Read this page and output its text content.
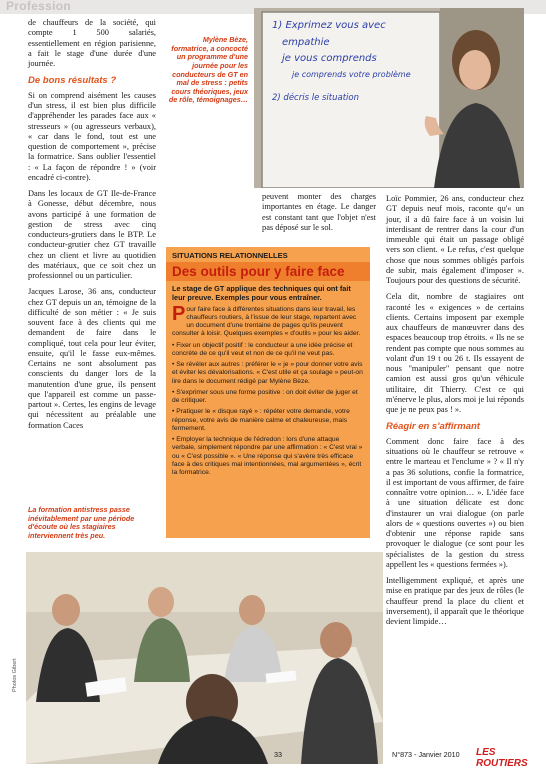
Profession

de chauffeurs de la société, qui compte 1 500 salariés, essentiellement en région parisienne, a fait le stage d'une durée d'une journée.

De bons résultats ?

Si on comprend aisément les causes d'un stress, il est bien plus difficile d'appréhender les parades face aux « stresseurs » (ou agresseurs verbaux), « car dans le fond, tout est une question de comportement », précise la formatrice. Sans oublier l'essentiel : « La façon de répondre ! » (voir encadré ci-contre).

Dans les locaux de GT Ile-de-France à Gonesse, début décembre, nous avons participé à une formation de gestion de stress avec cinq conducteurs-grutiers dans le BTP. Le conducteur-grutier chez GT travaille chez un client et livre au quotidien des matériaux, que ce soit chez un professionnel ou un particulier.

Jacques Larose, 36 ans, conducteur chez GT depuis un an, témoigne de la difficulté de son métier : « Je suis souvent face à des clients qui me demandent de faire dans le compliqué, tout cela pour leur éviter, ensuite, qu'il le fasse eux-mêmes. Certains ne sont absolument pas conscients du danger lors de la manutention d'une grue, ils pensent que l'appareil est comme un passe-partout ». Certes, les engins de levage qui nécessitent au préalable une formation Caces

La formation antistress passe inévitablement par une période d'écoute où les stagiaires interviennent très peu.
Mylène Bèze, formatrice, a concocté un programme d'une journée pour les conducteurs de GT en mal de stress : petits cours théoriques, jeux de rôle, témoignages…
1) Exprimez vous avec
empathie
je vous comprends
je comprends votre problème
2) décris le situation

peuvent monter des charges importantes en étage. Le danger est constant tant que l'objet n'est pas déposé sur le sol.

SITUATIONS RELATIONNELLES
Des outils pour y faire face
Le stage de GT applique des techniques qui ont fait leur preuve. Exemples pour vous entraîner.

Pour faire face à différentes situations dans leur travail, les chauffeurs routiers, à l'issue de leur stage, repartent avec un document d'une trentaine de pages qu'ils peuvent consulter à loisir. Quelques exemples « d'outils » pour les aider.

• Fixer un objectif positif : le conducteur a une idée précise et concrète de ce qu'il veut et non de ce qu'il ne veut pas.

• Se révéler aux autres : préférer le « je » pour donner votre avis et éviter les dévalorisations. « C'est utile et ça soulage » peut-on lire dans le document rédigé par Mylène Bèze.

• S'exprimer sous une forme positive : on doit éviter de juger et de critiquer.

• Pratiquer le « disque rayé » : répéter votre demande, votre réponse, votre avis de manière calme et chaleureuse, mais fermement.

• Employer la technique de l'édredon : lors d'une attaque verbale, simplement répondre par une affirmation : « C'est vrai » ou « C'est possible ». « Une réponse qui s'avère très efficace face à des critiques mal intentionnées, mal argumentées », écrit la formatrice.

Loïc Pommier, 26 ans, conducteur chez GT depuis neuf mois, raconte qu'« un jour, il a dû faire face à un voisin lui interdisant de rentrer dans la cour d'un immeuble qui était un passage obligé vers son client. « Le refus, c'est quelque chose que nous sommes obligés parfois de subir, mais également d'imposer ». Toujours pour des questions de sécurité.

Cela dit, nombre de stagiaires ont raconté les « exigences » de certains clients. Certains imposent par exemple aux chauffeurs de manœuvrer dans des espaces beaucoup trop étroits. « Ils ne se rendent pas compte que nous sommes au volant d'un 19 t ou 26 t. Ils essayent de nous "manipuler" pensant que notre camion est aussi gros qu'un véhicule utilitaire, dit Thierry. C'est ce qui m'énerve le plus, alors moi je lui réponds que je ne peux pas ! ».

Réagir en s'affirmant

Comment donc faire face à des situations où le chauffeur se retrouve « entre le marteau et l'enclume » ? « Il n'y a pas 36 solutions, confie la formatrice, il est important de vous affirmer, de faire connaître votre opinion… ». L'idée face à une situation délicate est donc d'instaurer un vrai dialogue (on parle alors de « questions ouvertes ») ou bien d'obtenir une réponse rapide sans provoquer le dialogue (ce sont pour les spécialistes de la gestion du stress appellent les « questions fermées »).

Intelligemment expliqué, et après une mise en pratique par des jeux de rôles (le chauffeur prend la place du client et inversement), il apparaît que le théorique devient limpide…

Photos Gibert
33	N°873 - Janvier 2010 LES ROUTIERS
